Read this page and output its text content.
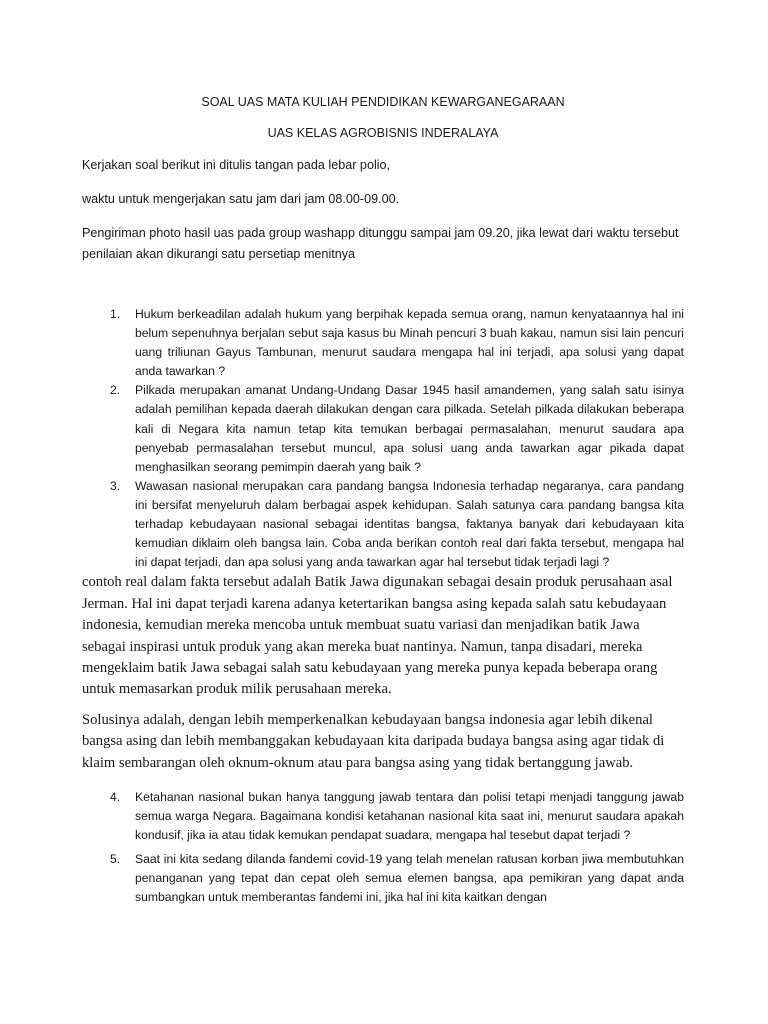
SOAL UAS MATA KULIAH PENDIDIKAN KEWARGANEGARAAN
UAS KELAS AGROBISNIS INDERALAYA

Kerjakan soal berikut ini ditulis tangan pada lebar polio,

waktu untuk mengerjakan satu jam dari jam 08.00-09.00.

Pengiriman photo hasil uas pada group washapp ditunggu sampai jam 09.20, jika lewat dari waktu tersebut penilaian akan dikurangi satu persetiap menitnya

1. Hukum berkeadilan adalah hukum yang berpihak kepada semua orang, namun kenyataannya hal ini belum sepenuhnya berjalan sebut saja kasus bu Minah pencuri 3 buah kakau, namun sisi lain pencuri uang triliunan Gayus Tambunan, menurut saudara mengapa hal ini terjadi, apa solusi yang dapat anda tawarkan ?
2. Pilkada merupakan amanat Undang-Undang Dasar 1945 hasil amandemen, yang salah satu isinya adalah pemilihan kepada daerah dilakukan dengan cara pilkada. Setelah pilkada dilakukan beberapa kali di Negara kita namun tetap kita temukan berbagai permasalahan, menurut saudara apa penyebab permasalahan tersebut muncul, apa solusi uang anda tawarkan agar pikada dapat menghasilkan seorang pemimpin daerah yang baik ?
3. Wawasan nasional merupakan cara pandang bangsa Indonesia terhadap negaranya, cara pandang ini bersifat menyeluruh dalam berbagai aspek kehidupan. Salah satunya cara pandang bangsa kita terhadap kebudayaan nasional sebagai identitas bangsa, faktanya banyak dari kebudayaan kita kemudian diklaim oleh bangsa lain. Coba anda berikan contoh real dari fakta tersebut, mengapa hal ini dapat terjadi, dan apa solusi yang anda tawarkan agar hal tersebut tidak terjadi lagi ?

contoh real dalam fakta tersebut adalah Batik Jawa digunakan sebagai desain produk perusahaan asal Jerman. Hal ini dapat terjadi karena adanya ketertarikan bangsa asing kepada salah satu kebudayaan indonesia, kemudian mereka mencoba untuk membuat suatu variasi dan menjadikan batik Jawa sebagai inspirasi untuk produk yang akan mereka buat nantinya. Namun, tanpa disadari, mereka mengeklaim batik Jawa sebagai salah satu kebudayaan yang mereka punya kepada beberapa orang untuk memasarkan produk milik perusahaan mereka.

Solusinya adalah, dengan lebih memperkenalkan kebudayaan bangsa indonesia agar lebih dikenal bangsa asing dan lebih membanggakan kebudayaan kita daripada budaya bangsa asing agar tidak di klaim sembarangan oleh oknum-oknum atau para bangsa asing yang tidak bertanggung jawab.

4. Ketahanan nasional bukan hanya tanggung jawab tentara dan polisi tetapi menjadi tanggung jawab semua warga Negara. Bagaimana kondisi ketahanan nasional kita saat ini, menurut saudara apakah kondusif, jika ia atau tidak kemukan pendapat suadara, mengapa hal tesebut dapat terjadi ?
5. Saat ini kita sedang dilanda fandemi covid-19 yang telah menelan ratusan korban jiwa membutuhkan penanganan yang tepat dan cepat oleh semua elemen bangsa, apa pemikiran yang dapat anda sumbangkan untuk memberantas fandemi ini, jika hal ini kita kaitkan dengan
